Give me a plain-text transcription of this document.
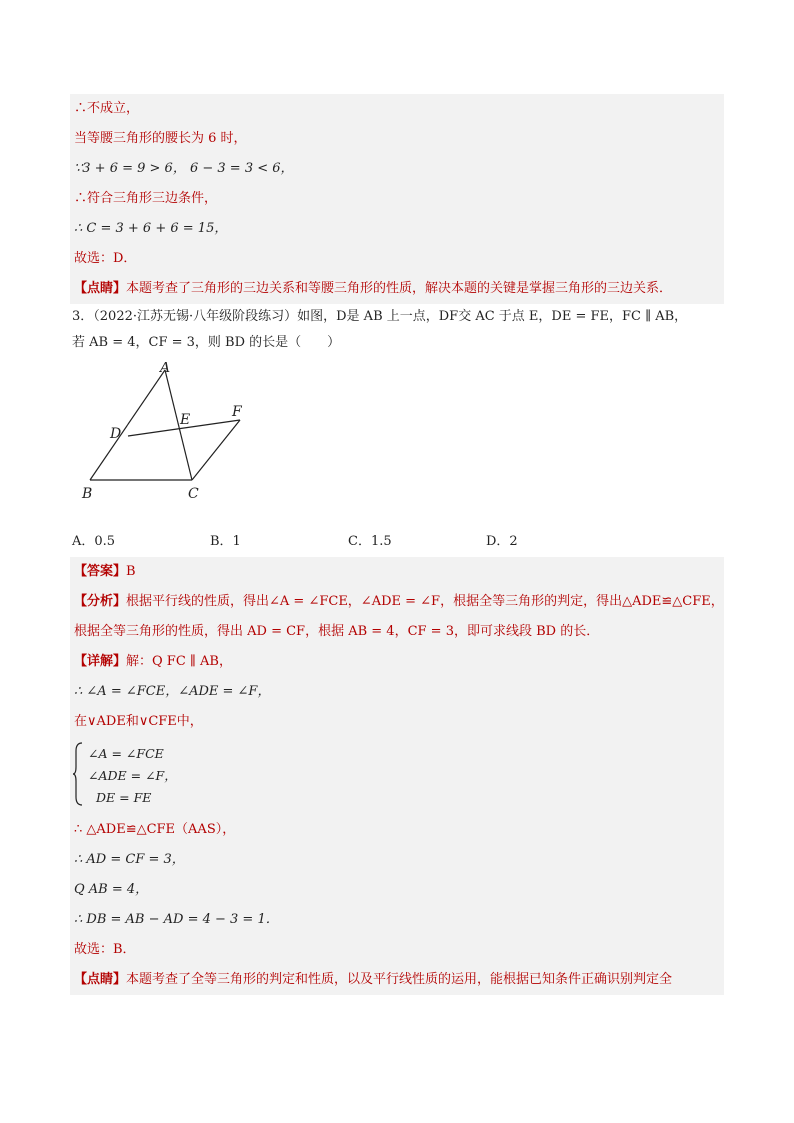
∴不成立，
当等腰三角形的腰长为 6 时，
∵3 + 6 = 9 > 6， 6 − 3 = 3 < 6，
∴符合三角形三边条件，
∴ C = 3 + 6 + 6 = 15，
故选：D．
【点睛】本题考查了三角形的三边关系和等腰三角形的性质，解决本题的关键是掌握三角形的三边关系．
3．（2022·江苏无锡·八年级阶段练习）如图，D是 AB 上一点，DF交 AC 于点 E，DE = FE，FC ∥ AB，
若 AB = 4，CF = 3，则 BD 的长是（　　）
A
B	C
D
E	F
A．0.5	B．1	C．1.5	D．2
【答案】B
【分析】根据平行线的性质，得出∠A = ∠FCE，∠ADE = ∠F，根据全等三角形的判定，得出△ADE≌△CFE，
根据全等三角形的性质，得出 AD = CF，根据 AB = 4，CF = 3，即可求线段 BD 的长．
【详解】解：Q FC ∥ AB，
∴ ∠A = ∠FCE，∠ADE = ∠F，
在∨ADE和∨CFE中，
∠A = ∠FCE
∠ADE = ∠F，
DE = FE
∴ △ADE≌△CFE（AAS），
∴ AD = CF = 3，
Q AB = 4，
∴ DB = AB − AD = 4 − 3 = 1．
故选：B．
【点睛】本题考查了全等三角形的判定和性质，以及平行线性质的运用，能根据已知条件正确识别判定全
